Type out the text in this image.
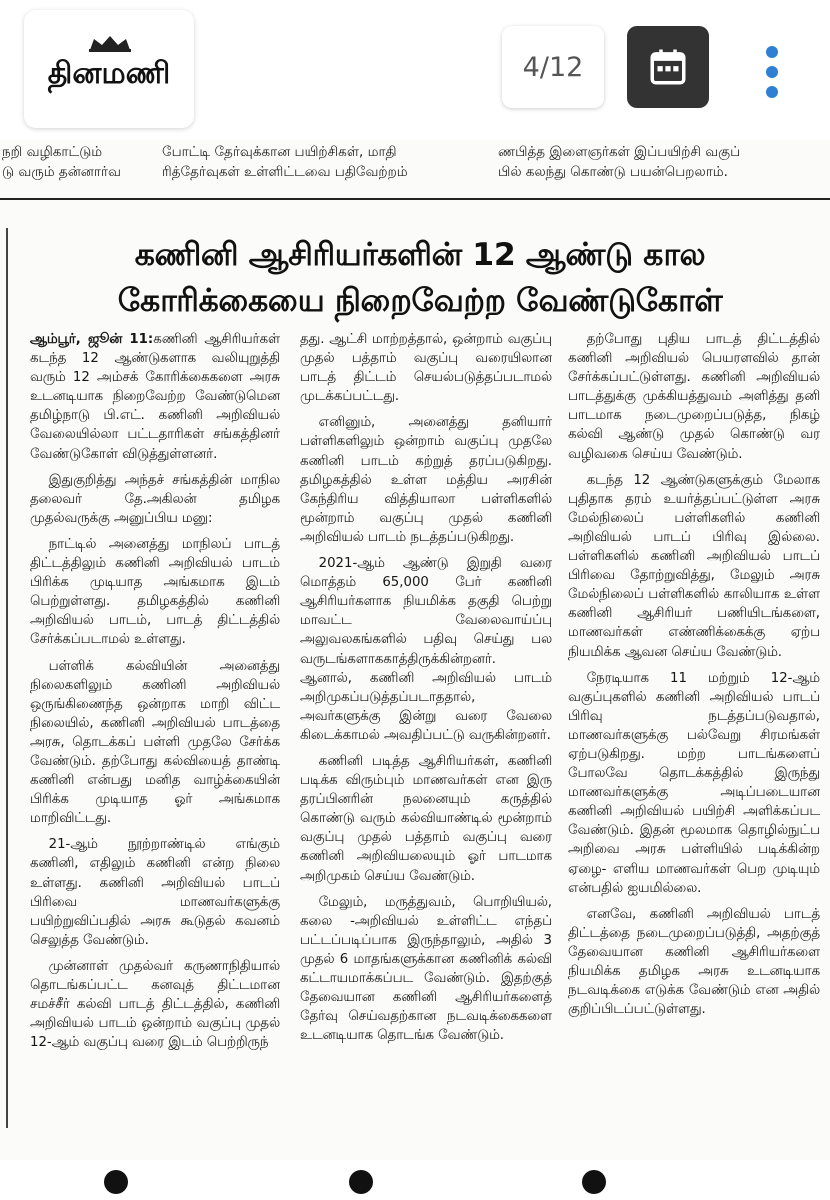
தினமணி	4/12
நறி வழிகாட்டும்
டு வரும் தன்னார்வ
போட்டி தேர்வுக்கான பயிற்சிகள், மாதி
ரித்தேர்வுகள் உள்ளிட்டவை பதிவேற்றம்
ணபித்த இளைஞர்கள் இப்பயிற்சி வகுப்
பில் கலந்து கொண்டு பயன்பெறலாம்.
கணினி ஆசிரியர்களின் 12 ஆண்டு கால
கோரிக்கையை நிறைவேற்ற வேண்டுகோள்

ஆம்பூர், ஜூன் 11:கணினி ஆசிரியர்கள் கடந்த 12 ஆண்டுகளாக வலியுறுத்தி வரும் 12 அம்சக் கோரிக்கைகளை அரசு உடனடியாக நிறைவேற்ற வேண்டுமென தமிழ்நாடு பி.எட். கணினி அறிவியல் வேலையில்லா பட்டதாரிகள் சங்கத்தினர் வேண்டுகோள் விடுத்துள்ளனர்.

இதுகுறித்து அந்தச் சங்கத்தின் மாநில தலைவர் தே.அகிலன் தமிழக முதல்வருக்கு அனுப்பிய மனு:

நாட்டில் அனைத்து மாநிலப் பாடத் திட்டத்திலும் கணினி அறிவியல் பாடம் பிரிக்க முடியாத அங்கமாக இடம் பெற்றுள்ளது. தமிழகத்தில் கணினி அறிவியல் பாடம், பாடத் திட்டத்தில் சேர்க்கப்படாமல் உள்ளது.

பள்ளிக் கல்வியின் அனைத்து நிலைகளிலும் கணினி அறிவியல் ஒருங்கிணைந்த ஒன்றாக மாறி விட்ட நிலையில், கணினி அறிவியல் பாடத்தை அரசு, தொடக்கப் பள்ளி முதலே சேர்க்க வேண்டும். தற்போது கல்வியைத் தாண்டி கணினி என்பது மனித வாழ்க்கையின் பிரிக்க முடியாத ஓர் அங்கமாக மாறிவிட்டது.

21-ஆம் நூற்றாண்டில் எங்கும் கணினி, எதிலும் கணினி என்ற நிலை உள்ளது. கணினி அறிவியல் பாடப் பிரிவை மாணவர்களுக்கு பயிற்றுவிப்பதில் அரசு கூடுதல் கவனம் செலுத்த வேண்டும்.

முன்னாள் முதல்வர் கருணாநிதியால் தொடங்கப்பட்ட கனவுத் திட்டமான சமச்சீர் கல்வி பாடத் திட்டத்தில், கணினி அறிவியல் பாடம் ஒன்றாம் வகுப்பு முதல் 12-ஆம் வகுப்பு வரை இடம் பெற்றிருந்

தது. ஆட்சி மாற்றத்தால், ஒன்றாம் வகுப்பு முதல் பத்தாம் வகுப்பு வரையிலான பாடத் திட்டம் செயல்படுத்தப்படாமல் முடக்கப்பட்டது.

எனினும், அனைத்து தனியார் பள்ளிகளிலும் ஒன்றாம் வகுப்பு முதலே கணினி பாடம் கற்றுத் தரப்படுகிறது. தமிழகத்தில் உள்ள மத்திய அரசின் கேந்திரிய வித்தியாலா பள்ளிகளில் மூன்றாம் வகுப்பு முதல் கணினி அறிவியல் பாடம் நடத்தப்படுகிறது.

2021-ஆம் ஆண்டு இறுதி வரை மொத்தம் 65,000 பேர் கணினி ஆசிரியர்களாக நியமிக்க தகுதி பெற்று மாவட்ட வேலைவாய்ப்பு அலுவலகங்களில் பதிவு செய்து பல வருடங்களாககாத்திருக்கின்றனர். ஆனால், கணினி அறிவியல் பாடம் அறிமுகப்படுத்தப்படாததால், அவர்களுக்கு இன்று வரை வேலை கிடைக்காமல் அவதிப்பட்டு வருகின்றனர்.

கணினி படித்த ஆசிரியர்கள், கணினி படிக்க விரும்பும் மாணவர்கள் என இரு தரப்பினரின் நலனையும் கருத்தில் கொண்டு வரும் கல்வியாண்டில் மூன்றாம் வகுப்பு முதல் பத்தாம் வகுப்பு வரை கணினி அறிவியலையும் ஓர் பாடமாக அறிமுகம் செய்ய வேண்டும்.

மேலும், மருத்துவம், பொறியியல், கலை -அறிவியல் உள்ளிட்ட எந்தப் பட்டப்படிப்பாக இருந்தாலும், அதில் 3 முதல் 6 மாதங்களுக்கான கணினிக் கல்வி கட்டாயமாக்கப்பட வேண்டும். இதற்குத் தேவையான கணினி ஆசிரியர்களைத் தேர்வு செய்வதற்கான நடவடிக்கைகளை உடனடியாக தொடங்க வேண்டும்.

தற்போது புதிய பாடத் திட்டத்தில் கணினி அறிவியல் பெயரளவில் தான் சேர்க்கப்பட்டுள்ளது. கணினி அறிவியல் பாடத்துக்கு முக்கியத்துவம் அளித்து தனி பாடமாக நடைமுறைப்படுத்த, நிகழ் கல்வி ஆண்டு முதல் கொண்டு வர வழிவகை செய்ய வேண்டும்.

கடந்த 12 ஆண்டுகளுக்கும் மேலாக புதிதாக தரம் உயர்த்தப்பட்டுள்ள அரசு மேல்நிலைப் பள்ளிகளில் கணினி அறிவியல் பாடப் பிரிவு இல்லை. பள்ளிகளில் கணினி அறிவியல் பாடப் பிரிவை தோற்றுவித்து, மேலும் அரசு மேல்நிலைப் பள்ளிகளில் காலியாக உள்ள கணினி ஆசிரியர் பணியிடங்களை, மாணவர்கள் எண்ணிக்கைக்கு ஏற்ப நியமிக்க ஆவன செய்ய வேண்டும்.

நேரடியாக 11 மற்றும் 12-ஆம் வகுப்புகளில் கணினி அறிவியல் பாடப் பிரிவு நடத்தப்படுவதால், மாணவர்களுக்கு பல்வேறு சிரமங்கள் ஏற்படுகிறது. மற்ற பாடங்களைப் போலவே தொடக்கத்தில் இருந்து மாணவர்களுக்கு அடிப்படையான கணினி அறிவியல் பயிற்சி அளிக்கப்பட வேண்டும். இதன் மூலமாக தொழில்நுட்ப அறிவை அரசு பள்ளியில் படிக்கின்ற ஏழை- எளிய மாணவர்கள் பெற முடியும் என்பதில் ஐயமில்லை.

எனவே, கணினி அறிவியல் பாடத் திட்டத்தை நடைமுறைப்படுத்தி, அதற்குத் தேவையான கணினி ஆசிரியர்களை நியமிக்க தமிழக அரசு உடனடியாக நடவடிக்கை எடுக்க வேண்டும் என அதில் குறிப்பிடப்பட்டுள்ளது.
